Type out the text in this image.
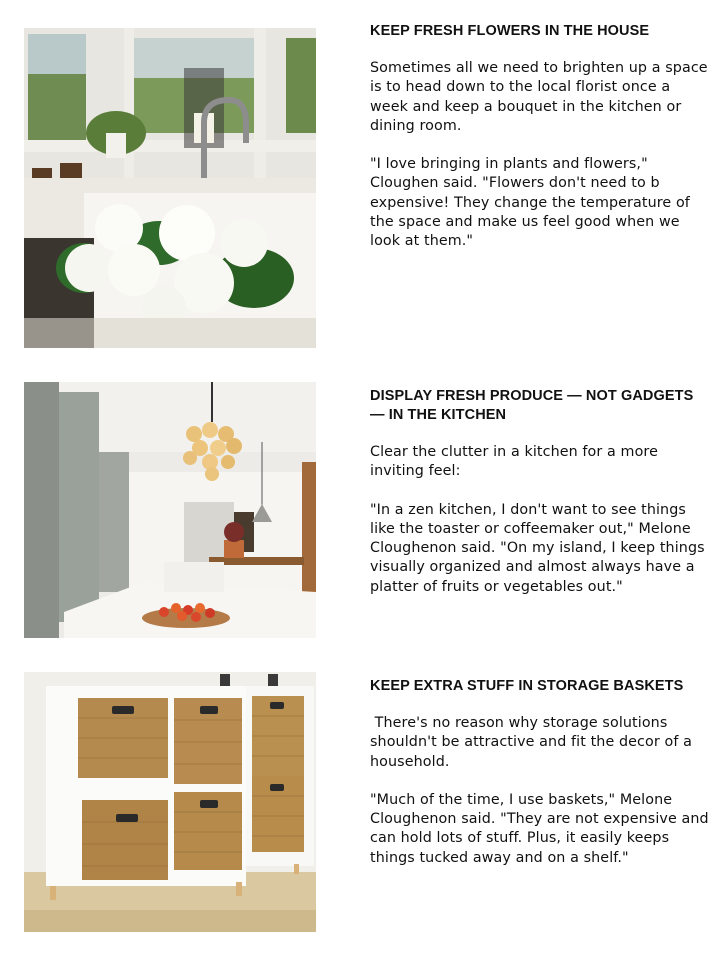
KEEP FRESH FLOWERS IN THE HOUSE

Sometimes all we need to brighten up a space is to head down to the local florist once a week and keep a bouquet in the kitchen or dining room.

"I love bringing in plants and flowers," Cloughen said. "Flowers don't need to b expensive! They change the temperature of the space and make us feel good when we look at them."

DISPLAY FRESH PRODUCE — NOT GADGETS — IN THE KITCHEN

Clear the clutter in a kitchen for a more inviting feel:

"In a zen kitchen, I don't want to see things like the toaster or coffeemaker out," Melone Cloughenon said. "On my island, I keep things visually organized and almost always have a platter of fruits or vegetables out."

KEEP EXTRA STUFF IN STORAGE BASKETS

There's no reason why storage solutions shouldn't be attractive and fit the decor of a household.

"Much of the time, I use baskets," Melone Cloughenon said. "They are not expensive and can hold lots of stuff. Plus, it easily keeps things tucked away and on a shelf."
